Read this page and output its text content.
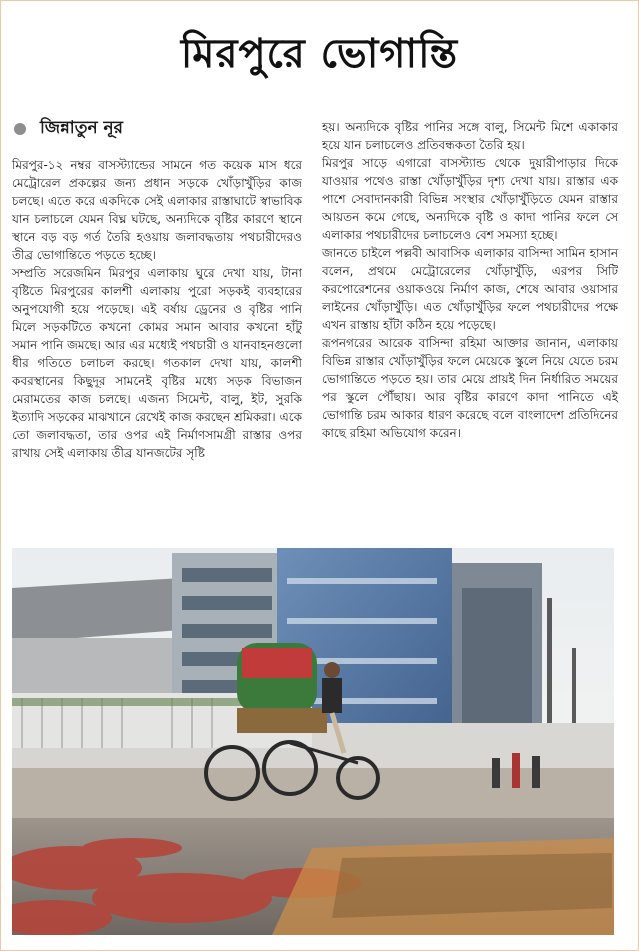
মিরপুরে ভোগান্তি
জিন্নাতুন নূর

মিরপুর-১২ নম্বর বাসস্ট্যান্ডের সামনে গত কয়েক মাস ধরে মেট্রোরেল প্রকল্পের জন্য প্রধান সড়কে খোঁড়াখুঁড়ির কাজ চলছে। এতে করে একদিকে সেই এলাকার রাস্তাঘাটে স্বাভাবিক যান চলাচলে যেমন বিঘ্ন ঘটছে, অন্যদিকে বৃষ্টির কারণে স্থানে স্থানে বড় বড় গর্ত তৈরি হওয়ায় জলাবদ্ধতায় পথচারীদেরও তীব্র ভোগান্তিতে পড়তে হচ্ছে।

সম্প্রতি সরেজমিন মিরপুর এলাকায় ঘুরে দেখা যায়, টানা বৃষ্টিতে মিরপুরের কালশী এলাকায় পুরো সড়কই ব্যবহারের অনুপযোগী হয়ে পড়েছে। এই বর্ষায় ড্রেনের ও বৃষ্টির পানি মিলে সড়কটিতে কখনো কোমর সমান আবার কখনো হাঁটু সমান পানি জমছে। আর এর মধ্যেই পথচারী ও যানবাহনগুলো ধীর গতিতে চলাচল করছে। গতকাল দেখা যায়, কালশী কবরস্থানের কিছুদূর সামনেই বৃষ্টির মধ্যে সড়ক বিভাজন মেরামতের কাজ চলছে। এজন্য সিমেন্ট, বালু, ইট, সুরকি ইত্যাদি সড়কের মাঝখানে রেখেই কাজ করছেন শ্রমিকরা। একে তো জলাবদ্ধতা, তার ওপর এই নির্মাণসামগ্রী রাস্তার ওপর রাখায় সেই এলাকায় তীব্র যানজটের সৃষ্টি

হয়। অন্যদিকে বৃষ্টির পানির সঙ্গে বালু, সিমেন্ট মিশে একাকার হয়ে যান চলাচলেও প্রতিবন্ধকতা তৈরি হয়।

মিরপুর সাড়ে এগারো বাসস্ট্যান্ড থেকে দুয়ারীপাড়ার দিকে যাওয়ার পথেও রাস্তা খোঁড়াখুঁড়ির দৃশ্য দেখা যায়। রাস্তার এক পাশে সেবাদানকারী বিভিন্ন সংস্থার খোঁড়াখুঁড়িতে যেমন রাস্তার আয়তন কমে গেছে, অন্যদিকে বৃষ্টি ও কাদা পানির ফলে সে এলাকার পথচারীদের চলাচলেও বেশ সমস্যা হচ্ছে।

জানতে চাইলে পল্লবী আবাসিক এলাকার বাসিন্দা সামিন হাসান বলেন, প্রথমে মেট্রোরেলের খোঁড়াখুঁড়ি, এরপর সিটি করপোরেশনের ওয়াকওয়ে নির্মাণ কাজ, শেষে আবার ওয়াসার লাইনের খোঁড়াখুঁড়ি। এত খোঁড়াখুঁড়ির ফলে পথচারীদের পক্ষে এখন রাস্তায় হাঁটা কঠিন হয়ে পড়েছে।

রূপনগরের আরেক বাসিন্দা রহিমা আক্তার জানান, এলাকায় বিভিন্ন রাস্তার খোঁড়াখুঁড়ির ফলে মেয়েকে স্কুলে নিয়ে যেতে চরম ভোগান্তিতে পড়তে হয়। তার মেয়ে প্রায়ই দিন নির্ধারিত সময়ের পর স্কুলে পৌঁছায়। আর বৃষ্টির কারণে কাদা পানিতে এই ভোগান্তি চরম আকার ধারণ করেছে বলে বাংলাদেশ প্রতিদিনের কাছে রহিমা অভিযোগ করেন।
